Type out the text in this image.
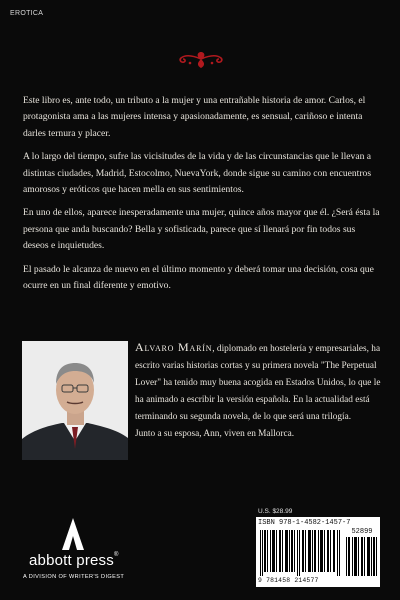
EROTICA

Este libro es, ante todo, un tributo a la mujer y una entrañable historia de amor. Carlos, el protagonista ama a las mujeres intensa y apasionadamente, es sensual, cariñoso e intenta darles ternura y placer.

A lo largo del tiempo, sufre las vicisitudes de la vida y de las circunstancias que le llevan a distintas ciudades, Madrid, Estocolmo, NuevaYork, donde sigue su camino con encuentros amorosos y eróticos que hacen mella en sus sentimientos.

En uno de ellos, aparece inesperadamente una mujer, quince años mayor que él. ¿Será ésta la persona que anda buscando? Bella y sofisticada, parece que sí llenará por fin todos sus deseos e inquietudes.

El pasado le alcanza de nuevo en el último momento y deberá tomar una decisión, cosa que ocurre en un final diferente y emotivo.

Alvaro Marín, diplomado en hostelería y empresariales, ha escrito varias historias cortas y su primera novela "The Perpetual Lover" ha tenido muy buena acogida en Estados Unidos, lo que le ha animado a escribir la versión española. En la actualidad está terminando su segunda novela, de lo que será una trilogía.

Junto a su esposa, Ann, viven en Mallorca.

abbott press®
A DIVISION OF WRITER'S DIGEST
U.S. $28.99
ISBN 978-1-4582-1457-7
52899
9 781458 214577
